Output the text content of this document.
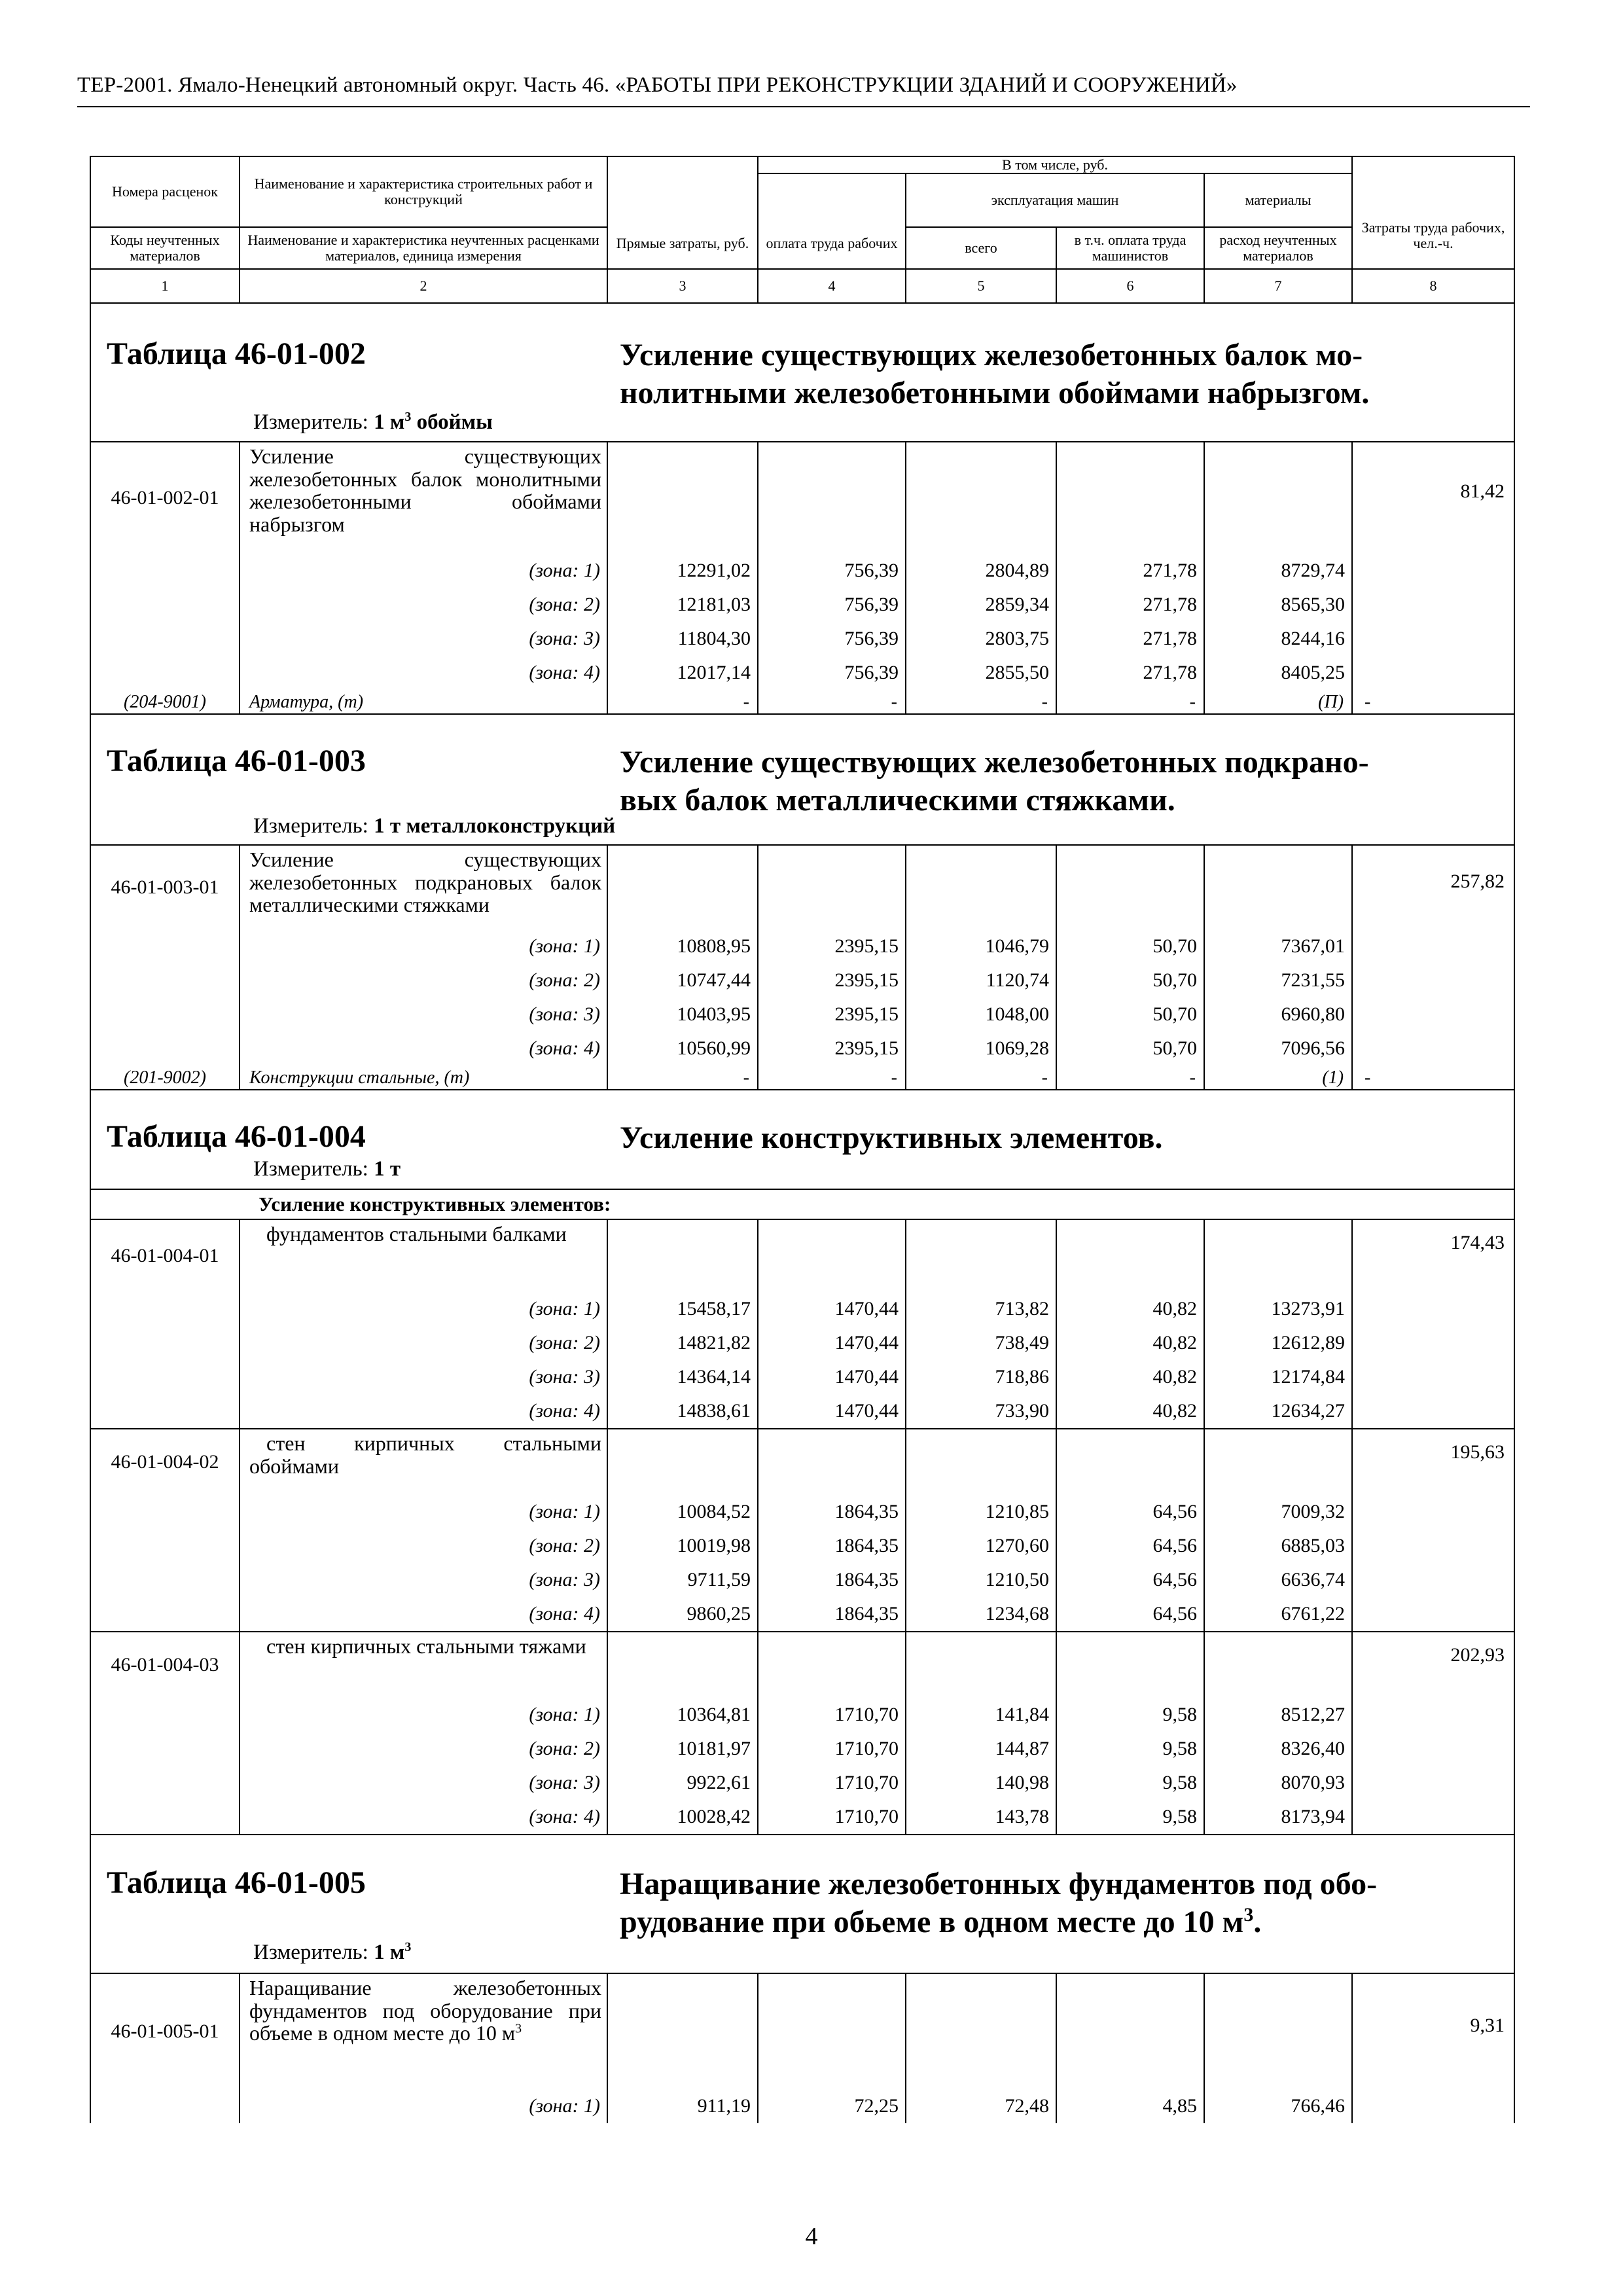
ТЕР-2001. Ямало-Ненецкий автономный округ. Часть 46. «РАБОТЫ ПРИ РЕКОНСТРУКЦИИ ЗДАНИЙ И СООРУЖЕНИЙ»
Номера расценок	Наименование и характеристика строительных работ и конструкций	Прямые затраты, руб.	В том числе, руб.				Затраты труда рабочих, чел.-ч.	
			оплата труда рабочих	эксплуатация машин		материалы		
				всего	в т.ч. оплата труда машинистов	расход неучтенных материалов		
Коды неучтенных материалов	Наименование и характеристика неучтенных расценками материалов, единица измерения							

1	2	3	4	5	6	7	8	

Таблица 46-01-002 Усиление существующих железобетонных балок мо-
нолитными железобетонными обоймами набрызгом.
Измеритель: 1 $м^3$ обоймы								

46-01-002-01	Усиление существующих железобетонных балок монолитными железобетонными обоймами набрызгом						81,42	
	(зона: 1)	12291,02	756,39	2804,89	271,78	8729,74		
	(зона: 2)	12181,03	756,39	2859,34	271,78	8565,30		
	(зона: 3)	11804,30	756,39	2803,75	271,78	8244,16		
	(зона: 4)	12017,14	756,39	2855,50	271,78	8405,25		
(204-9001)	Арматура, (т)	-	-	-	-	(П)	-	

Таблица 46-01-003 Усиление существующих железобетонных подкрано-
вых балок металлическими стяжками.
Измеритель: 1 т металлоконструкций								

46-01-003-01	Усиление существующих железобетонных подкрановых балок металлическими стяжками						257,82	
	(зона: 1)	10808,95	2395,15	1046,79	50,70	7367,01		
	(зона: 2)	10747,44	2395,15	1120,74	50,70	7231,55		
	(зона: 3)	10403,95	2395,15	1048,00	50,70	6960,80		
	(зона: 4)	10560,99	2395,15	1069,28	50,70	7096,56		
(201-9002)	Конструкции стальные, (т)	-	-	-	-	(1)	-	

Таблица 46-01-004 Усиление конструктивных элементов.
Измеритель: 1 т								

Усиление конструктивных элементов:								
46-01-004-01	фундаментов стальными балками						174,43	
	(зона: 1)	15458,17	1470,44	713,82	40,82	13273,91		
	(зона: 2)	14821,82	1470,44	738,49	40,82	12612,89		
	(зона: 3)	14364,14	1470,44	718,86	40,82	12174,84		
	(зона: 4)	14838,61	1470,44	733,90	40,82	12634,27		
46-01-004-02	стен кирпичных стальными обоймами						195,63	
	(зона: 1)	10084,52	1864,35	1210,85	64,56	7009,32		
	(зона: 2)	10019,98	1864,35	1270,60	64,56	6885,03		
	(зона: 3)	9711,59	1864,35	1210,50	64,56	6636,74		
	(зона: 4)	9860,25	1864,35	1234,68	64,56	6761,22		
46-01-004-03	стен кирпичных стальными тяжами						202,93	
	(зона: 1)	10364,81	1710,70	141,84	9,58	8512,27		
	(зона: 2)	10181,97	1710,70	144,87	9,58	8326,40		
	(зона: 3)	9922,61	1710,70	140,98	9,58	8070,93		
	(зона: 4)	10028,42	1710,70	143,78	9,58	8173,94		

Таблица 46-01-005 Наращивание железобетонных фундаментов под обо-
рудование при обьеме в одном месте до 10 $м^3$.
Измеритель: 1 $м^3$

46-01-005-01	Наращивание железобетонных фундаментов под оборудование при объеме в одном месте до 10 $м^3$						9,31	
	(зона: 1)	911,19	72,25	72,48	4,85	766,46		
4
